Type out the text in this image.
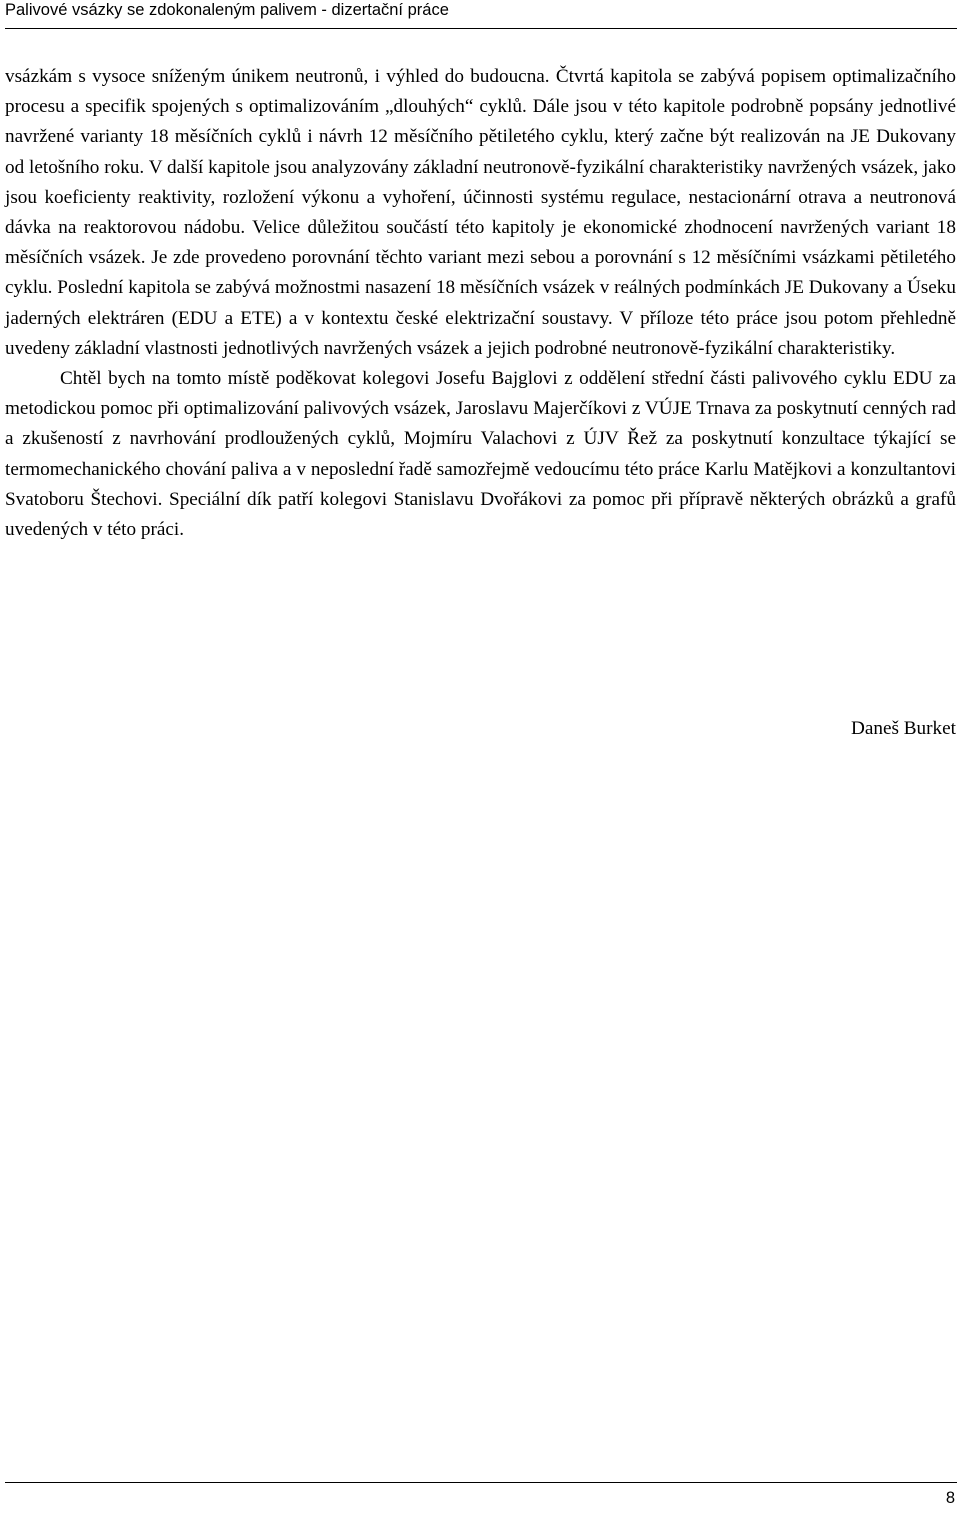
Palivové vsázky se zdokonaleným palivem - dizertační práce

vsázkám s vysoce sníženým únikem neutronů, i výhled do budoucna. Čtvrtá kapitola se zabývá popisem optimalizačního procesu a specifik spojených s optimalizováním „dlouhých“ cyklů. Dále jsou v této kapitole podrobně popsány jednotlivé navržené varianty 18 měsíčních cyklů i návrh 12 měsíčního pětiletého cyklu, který začne být realizován na JE Dukovany od letošního roku. V další kapitole jsou analyzovány základní neutronově-fyzikální charakteristiky navržených vsázek, jako jsou koeficienty reaktivity, rozložení výkonu a vyhoření, účinnosti systému regulace, nestacionární otrava a neutronová dávka na reaktorovou nádobu. Velice důležitou součástí této kapitoly je ekonomické zhodnocení navržených variant 18 měsíčních vsázek. Je zde provedeno porovnání těchto variant mezi sebou a porovnání s 12 měsíčními vsázkami pětiletého cyklu. Poslední kapitola se zabývá možnostmi nasazení 18 měsíčních vsázek v reálných podmínkách JE Dukovany a Úseku jaderných elektráren (EDU a ETE) a v kontextu české elektrizační soustavy. V příloze této práce jsou potom přehledně uvedeny základní vlastnosti jednotlivých navržených vsázek a jejich podrobné neutronově-fyzikální charakteristiky.

Chtěl bych na tomto místě poděkovat kolegovi Josefu Bajglovi z oddělení střední části palivového cyklu EDU za metodickou pomoc při optimalizování palivových vsázek, Jaroslavu Majerčíkovi z VÚJE Trnava za poskytnutí cenných rad a zkušeností z navrhování prodloužených cyklů, Mojmíru Valachovi z ÚJV Řež za poskytnutí konzultace týkající se termomechanického chování paliva a v neposlední řadě samozřejmě vedoucímu této práce Karlu Matějkovi a konzultantovi Svatoboru Štechovi. Speciální dík patří kolegovi Stanislavu Dvořákovi za pomoc při přípravě některých obrázků a grafů uvedených v této práci.

Daneš Burket
8
